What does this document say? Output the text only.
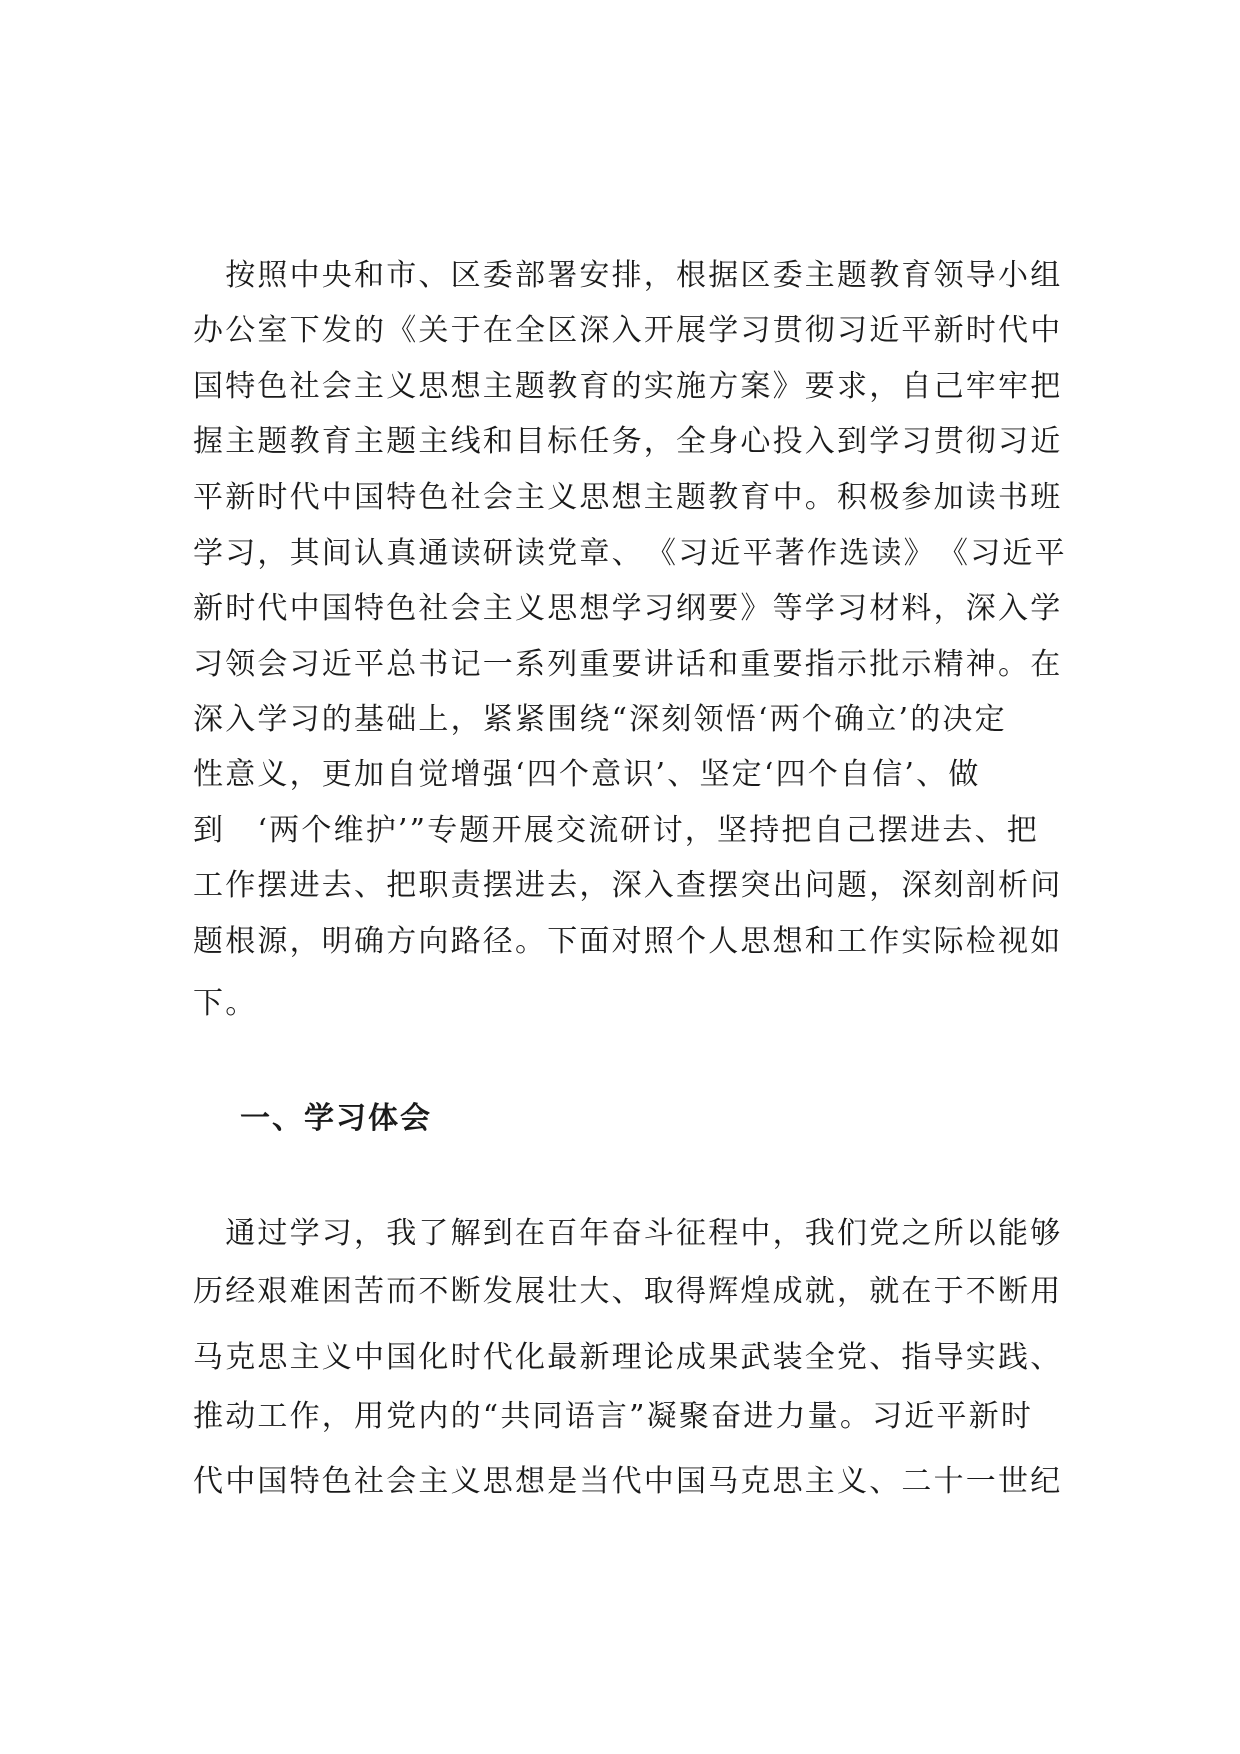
　按照中央和市、区委部署安排，根据区委主题教育领导小组
办公室下发的《关于在全区深入开展学习贯彻习近平新时代中
国特色社会主义思想主题教育的实施方案》要求，自己牢牢把
握主题教育主题主线和目标任务，全身心投入到学习贯彻习近
平新时代中国特色社会主义思想主题教育中。积极参加读书班
学习，其间认真通读研读党章、　《习近平著作选读》　《习近平
新时代中国特色社会主义思想学习纲要》等学习材料，深入学
习领会习近平总书记一系列重要讲话和重要指示批示精神。在
深入学习的基础上，紧紧围绕“深刻领悟‘两个确立’的决定
性意义，更加自觉增强‘四个意识’、坚定‘四个自信’、做
到　‘两个维护’”专题开展交流研讨，坚持把自己摆进去、把
工作摆进去、把职责摆进去，深入查摆突出问题，深刻剖析问
题根源，明确方向路径。下面对照个人思想和工作实际检视如
下。
一、学习体会
　通过学习，我了解到在百年奋斗征程中，我们党之所以能够
历经艰难困苦而不断发展壮大、取得辉煌成就，就在于不断用
马克思主义中国化时代化最新理论成果武装全党、指导实践、
推动工作，用党内的“共同语言”凝聚奋进力量。习近平新时
代中国特色社会主义思想是当代中国马克思主义、二十一世纪
